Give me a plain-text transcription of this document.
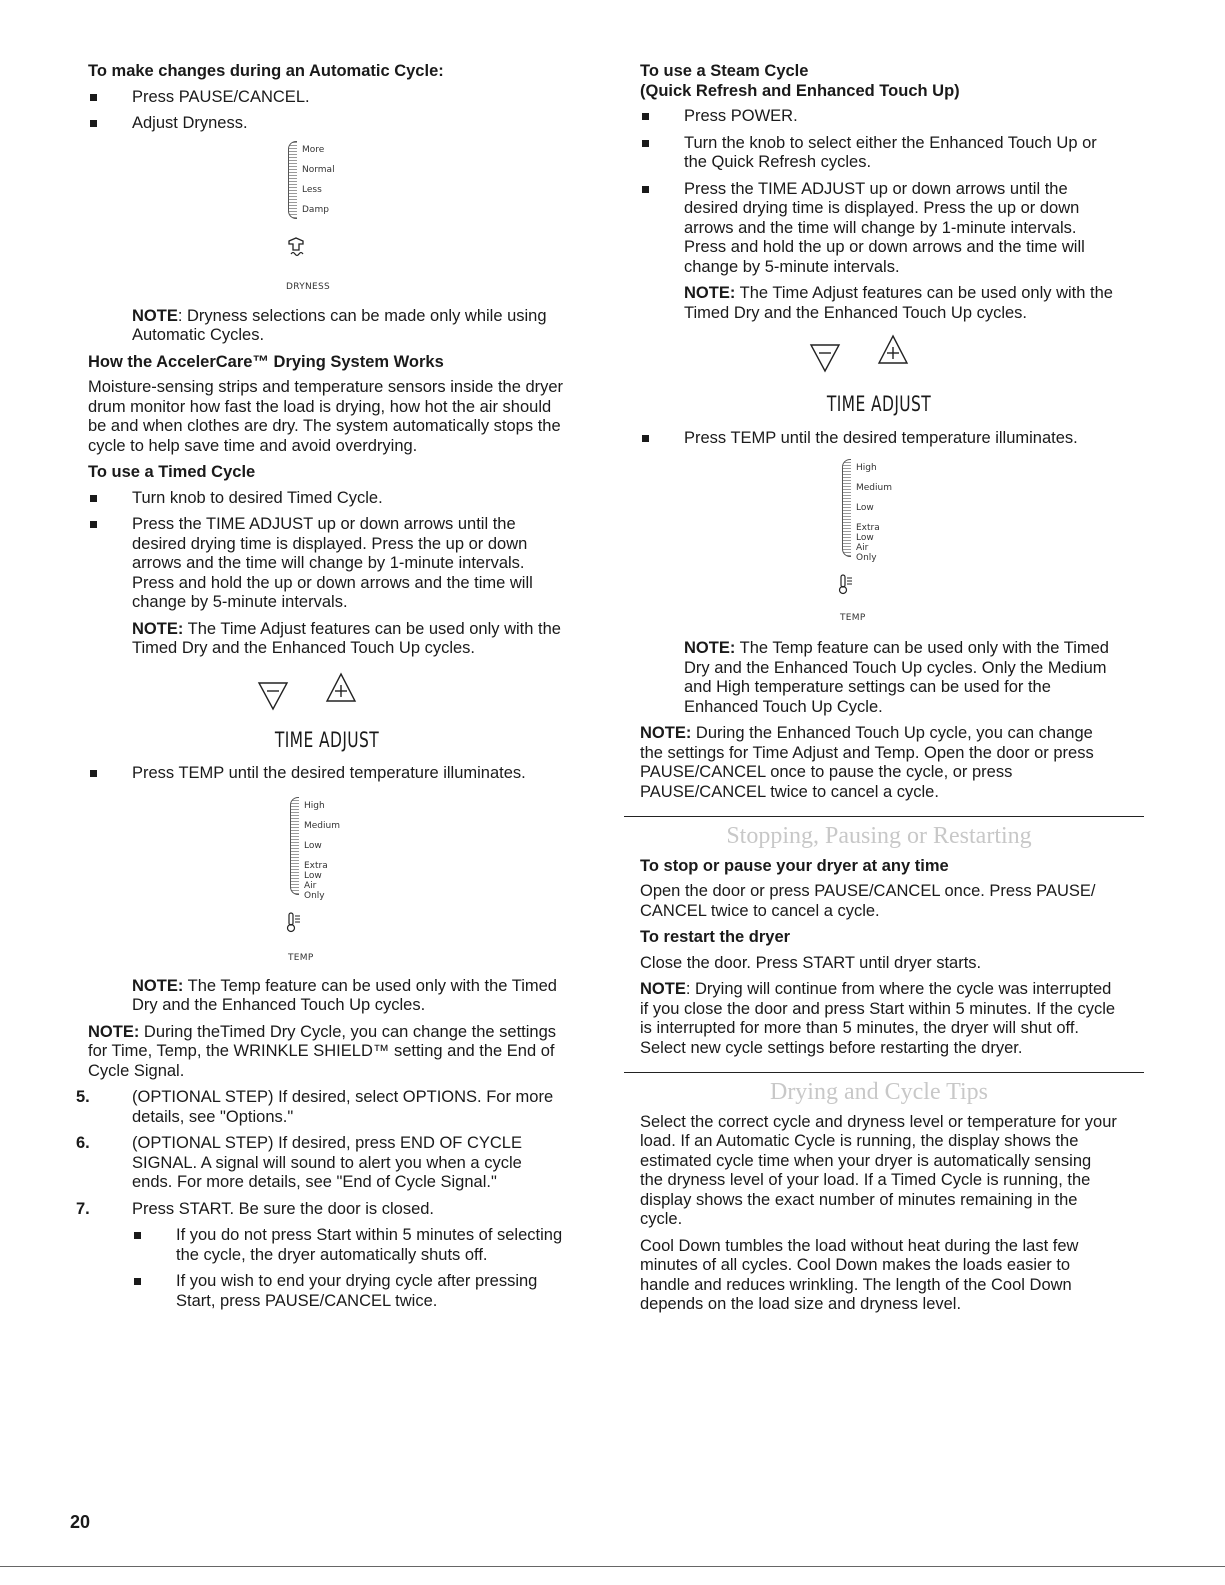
To make changes during an Automatic Cycle:
Press PAUSE/CANCEL.
Adjust Dryness.
More
Normal
Less
Damp
DRYNESS

NOTE: Dryness selections can be made only while using Automatic Cycles.

How the AccelerCare™ Drying System Works

Moisture-sensing strips and temperature sensors inside the dryer drum monitor how fast the load is drying, how hot the air should be and when clothes are dry. The system automatically stops the cycle to help save time and avoid overdrying.

To use a Timed Cycle
Turn knob to desired Timed Cycle.
Press the TIME ADJUST up or down arrows until the desired drying time is displayed. Press the up or down arrows and the time will change by 1-minute intervals. Press and hold the up or down arrows and the time will change by 5-minute intervals.

NOTE: The Time Adjust features can be used only with the Timed Dry and the Enhanced Touch Up cycles.

TIME ADJUST
Press TEMP until the desired temperature illuminates.
High
Medium
Low
Extra Low
Air Only
TEMP

NOTE: The Temp feature can be used only with the Timed Dry and the Enhanced Touch Up cycles.

NOTE: During theTimed Dry Cycle, you can change the settings for Time, Temp, the WRINKLE SHIELD™ setting and the End of Cycle Signal.

5.	(OPTIONAL STEP) If desired, select OPTIONS. For more details, see "Options."
6.	(OPTIONAL STEP) If desired, press END OF CYCLE SIGNAL. A signal will sound to alert you when a cycle ends. For more details, see "End of Cycle Signal."
7.	Press START. Be sure the door is closed.
If you do not press Start within 5 minutes of selecting the cycle, the dryer automatically shuts off.
If you wish to end your drying cycle after pressing Start, press PAUSE/CANCEL twice.
To use a Steam Cycle
(Quick Refresh and Enhanced Touch Up)
Press POWER.
Turn the knob to select either the Enhanced Touch Up or the Quick Refresh cycles.
Press the TIME ADJUST up or down arrows until the desired drying time is displayed. Press the up or down arrows and the time will change by 1-minute intervals. Press and hold the up or down arrows and the time will change by 5-minute intervals.

NOTE: The Time Adjust features can be used only with the Timed Dry and the Enhanced Touch Up cycles.

TIME ADJUST
Press TEMP until the desired temperature illuminates.
High
Medium
Low
Extra Low
Air Only
TEMP

NOTE: The Temp feature can be used only with the Timed Dry and the Enhanced Touch Up cycles. Only the Medium and High temperature settings can be used for the Enhanced Touch Up Cycle.

NOTE: During the Enhanced Touch Up cycle, you can change the settings for Time Adjust and Temp. Open the door or press PAUSE/CANCEL once to pause the cycle, or press PAUSE/CANCEL twice to cancel a cycle.

Stopping, Pausing or Restarting
To stop or pause your dryer at any time

Open the door or press PAUSE/CANCEL once. Press PAUSE/ CANCEL twice to cancel a cycle.

To restart the dryer

Close the door. Press START until dryer starts.

NOTE: Drying will continue from where the cycle was interrupted if you close the door and press Start within 5 minutes. If the cycle is interrupted for more than 5 minutes, the dryer will shut off. Select new cycle settings before restarting the dryer.

Drying and Cycle Tips

Select the correct cycle and dryness level or temperature for your load. If an Automatic Cycle is running, the display shows the estimated cycle time when your dryer is automatically sensing the dryness level of your load. If a Timed Cycle is running, the display shows the exact number of minutes remaining in the cycle.

Cool Down tumbles the load without heat during the last few minutes of all cycles. Cool Down makes the loads easier to handle and reduces wrinkling. The length of the Cool Down depends on the load size and dryness level.

20
